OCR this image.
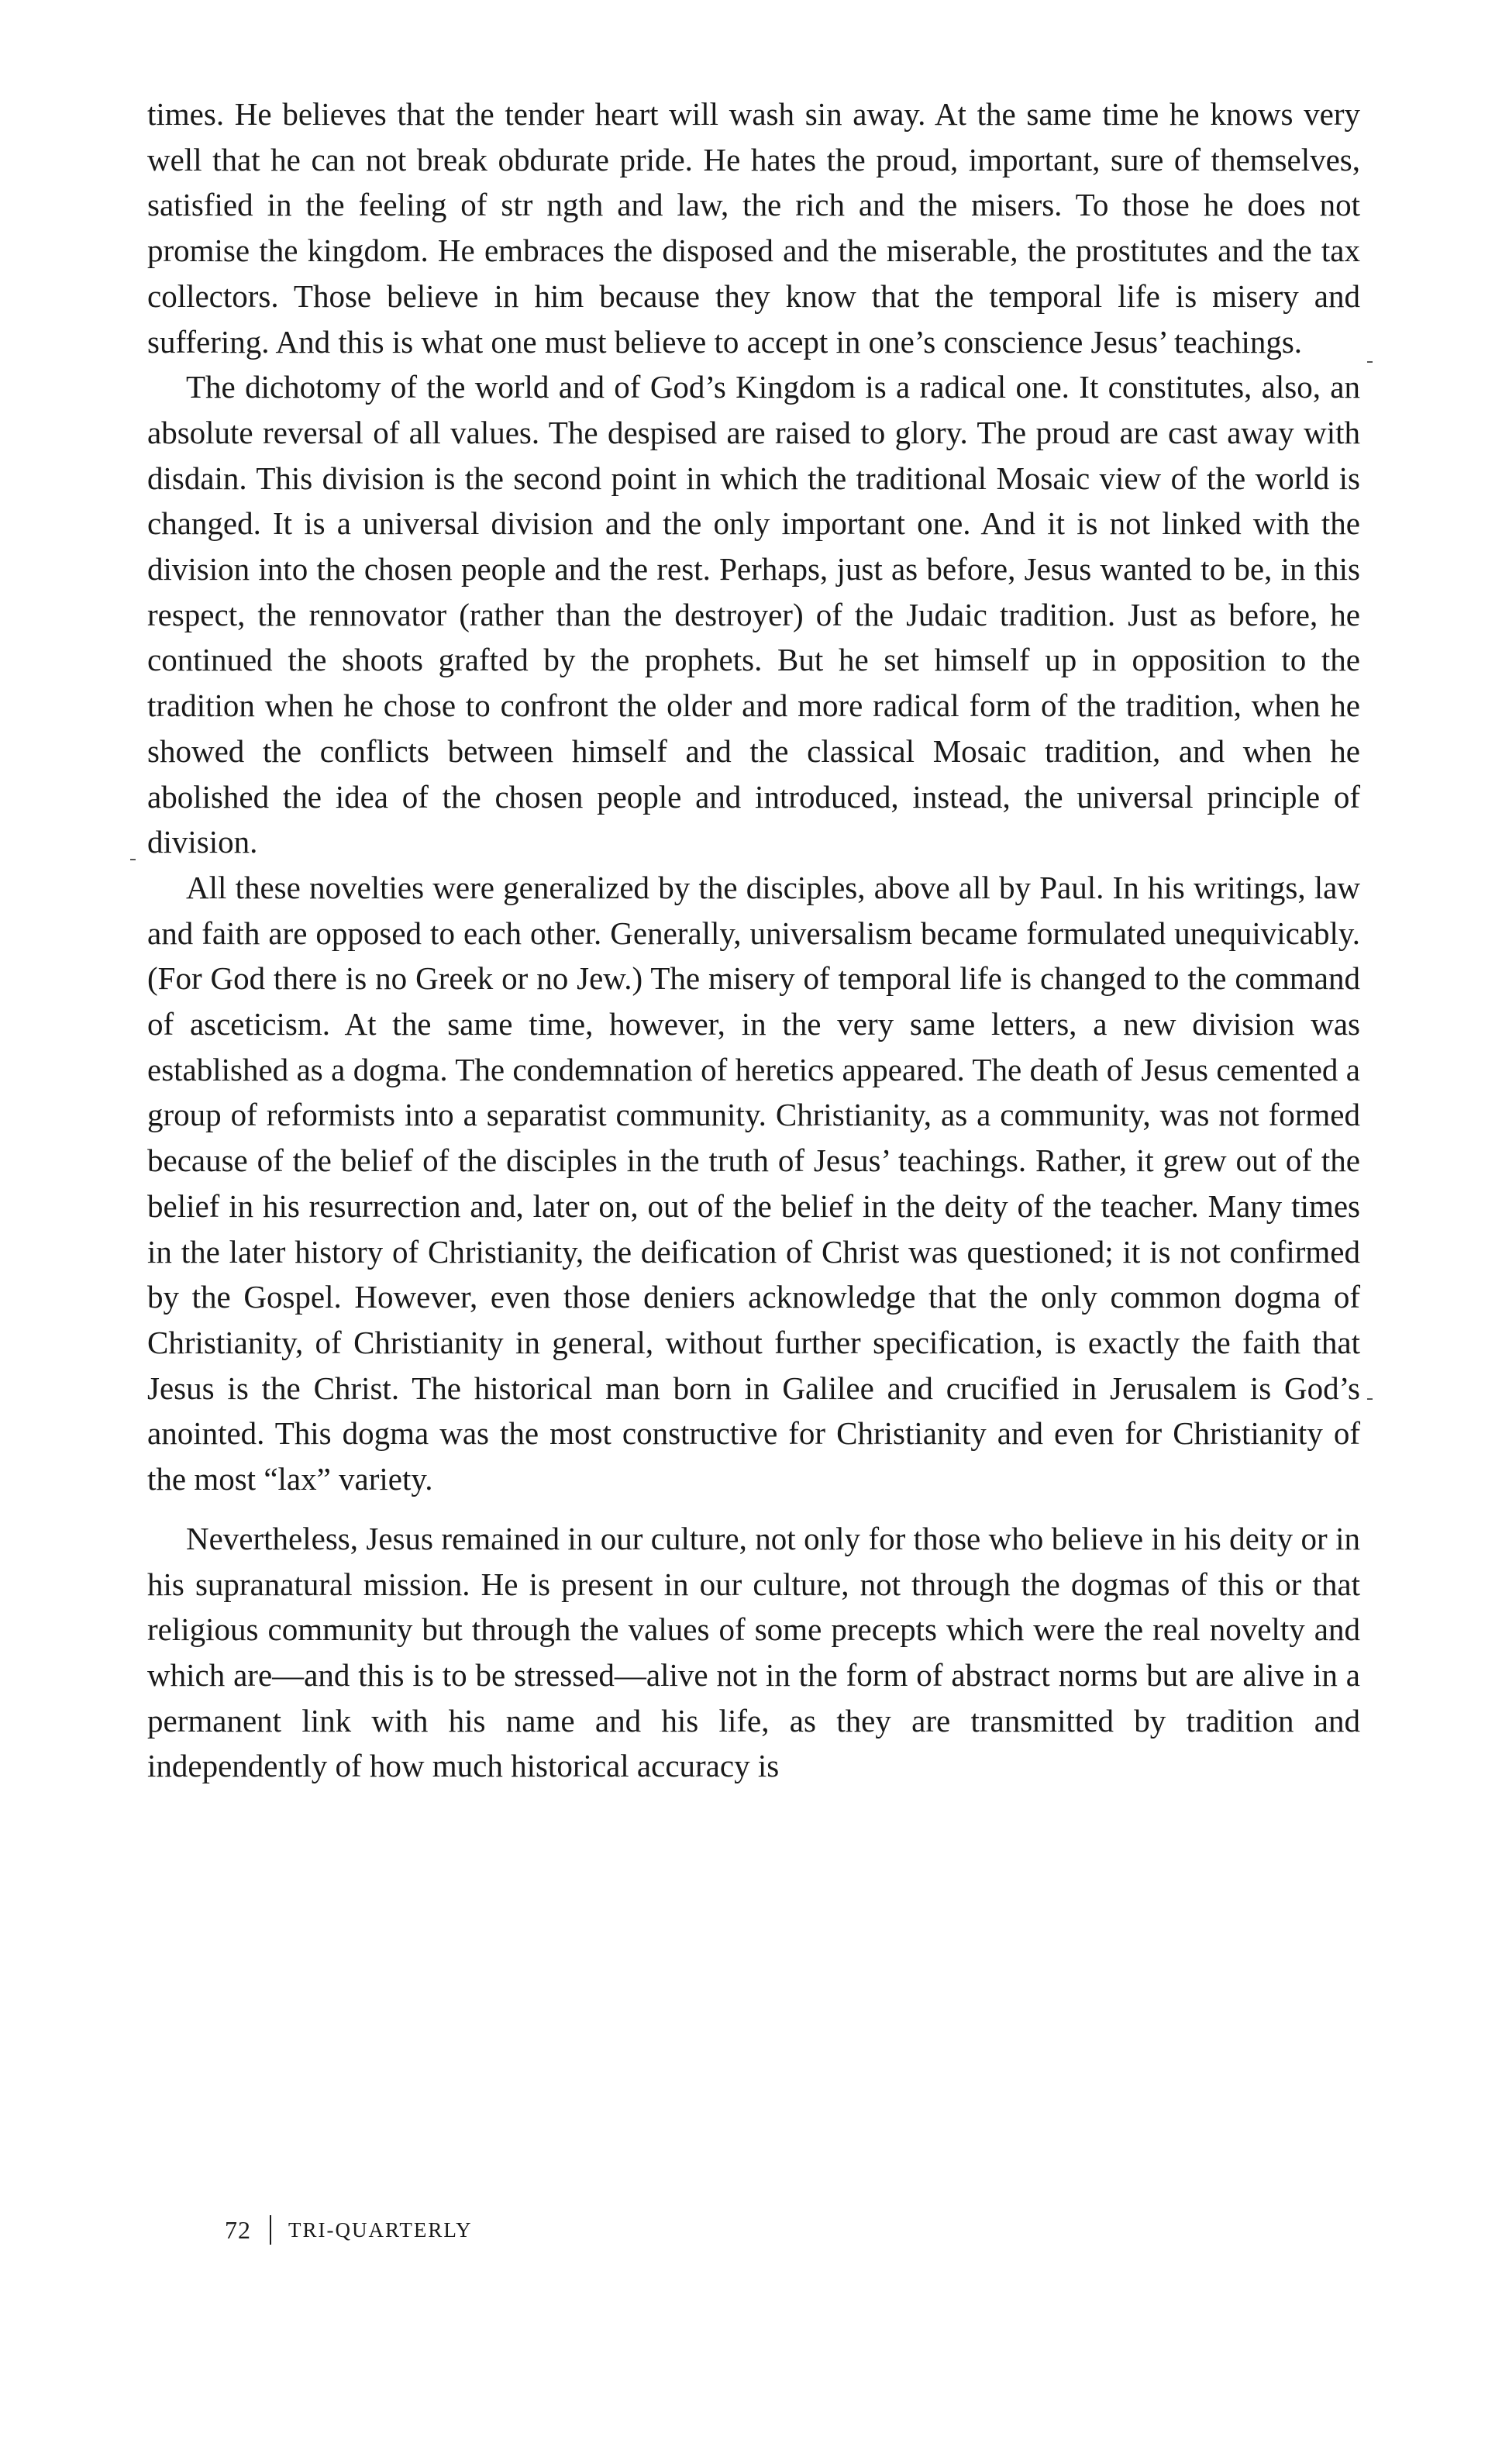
times. He believes that the tender heart will wash sin away. At the same time he knows very well that he can not break obdurate pride. He hates the proud, important, sure of themselves, satisfied in the feeling of str ngth and law, the rich and the misers. To those he does not promise the kingdom. He embraces the disposed and the miserable, the prostitutes and the tax collectors. Those believe in him because they know that the temporal life is misery and suffering. And this is what one must believe to accept in one’s conscience Jesus’ teachings.

The dichotomy of the world and of God’s Kingdom is a radical one. It constitutes, also, an absolute reversal of all values. The despised are raised to glory. The proud are cast away with disdain. This division is the second point in which the traditional Mosaic view of the world is changed. It is a universal division and the only important one. And it is not linked with the division into the chosen people and the rest. Perhaps, just as before, Jesus wanted to be, in this respect, the rennovator (rather than the destroyer) of the Judaic tradition. Just as before, he continued the shoots grafted by the prophets. But he set himself up in opposition to the tradition when he chose to confront the older and more radical form of the tradition, when he showed the conflicts between himself and the classical Mosaic tradition, and when he abolished the idea of the chosen people and introduced, instead, the universal principle of division.

All these novelties were generalized by the disciples, above all by Paul. In his writings, law and faith are opposed to each other. Generally, universalism became formulated unequivicably. (For God there is no Greek or no Jew.) The misery of temporal life is changed to the command of asceticism. At the same time, however, in the very same letters, a new division was established as a dogma. The condemnation of heretics appeared. The death of Jesus cemented a group of reformists into a separatist community. Christianity, as a community, was not formed because of the belief of the disciples in the truth of Jesus’ teachings. Rather, it grew out of the belief in his resurrection and, later on, out of the belief in the deity of the teacher. Many times in the later history of Christianity, the deification of Christ was questioned; it is not confirmed by the Gospel. However, even those deniers acknowledge that the only common dogma of Christianity, of Christianity in general, without further specification, is exactly the faith that Jesus is the Christ. The historical man born in Galilee and crucified in Jerusalem is God’s anointed. This dogma was the most constructive for Christianity and even for Christianity of the most “lax” variety.

Nevertheless, Jesus remained in our culture, not only for those who believe in his deity or in his supranatural mission. He is present in our culture, not through the dogmas of this or that religious community but through the values of some precepts which were the real novelty and which are—and this is to be stressed—alive not in the form of abstract norms but are alive in a permanent link with his name and his life, as they are transmitted by tradition and independently of how much historical accuracy is

72 TRI-QUARTERLY
